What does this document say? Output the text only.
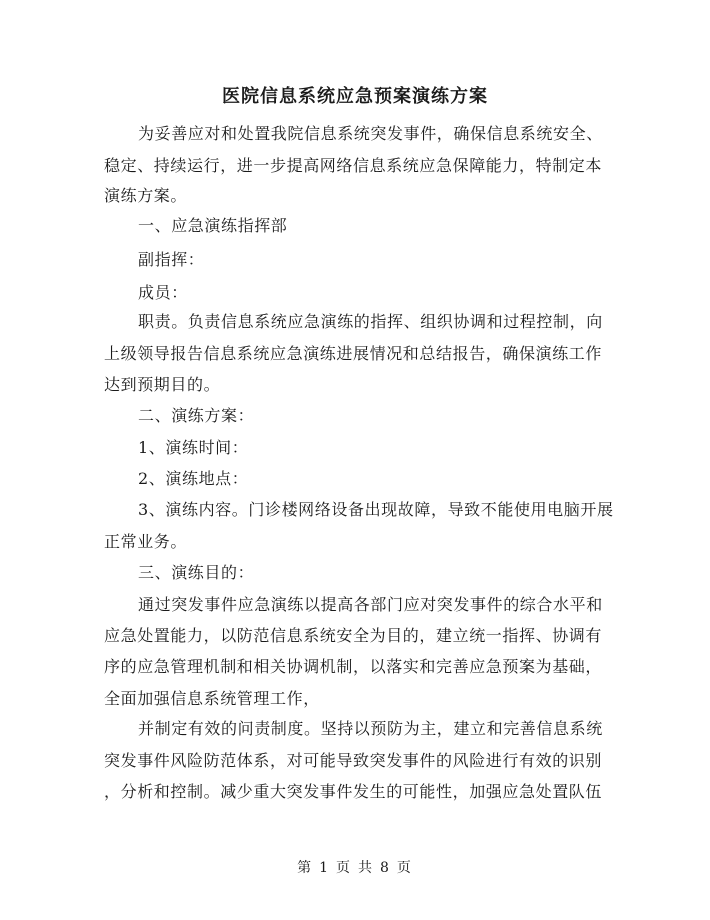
医院信息系统应急预案演练方案
为妥善应对和处置我院信息系统突发事件，确保信息系统安全、
稳定、持续运行，进一步提高网络信息系统应急保障能力，特制定本
演练方案。
一、应急演练指挥部
副指挥：
成员：
职责。负责信息系统应急演练的指挥、组织协调和过程控制，向
上级领导报告信息系统应急演练进展情况和总结报告，确保演练工作
达到预期目的。
二、演练方案：
1、演练时间：
2、演练地点：
3、演练内容。门诊楼网络设备出现故障，导致不能使用电脑开展
正常业务。
三、演练目的：
通过突发事件应急演练以提高各部门应对突发事件的综合水平和
应急处置能力，以防范信息系统安全为目的，建立统一指挥、协调有
序的应急管理机制和相关协调机制，以落实和完善应急预案为基础，
全面加强信息系统管理工作，
并制定有效的问责制度。坚持以预防为主，建立和完善信息系统
突发事件风险防范体系，对可能导致突发事件的风险进行有效的识别
，分析和控制。减少重大突发事件发生的可能性，加强应急处置队伍
第 1 页 共 8 页
